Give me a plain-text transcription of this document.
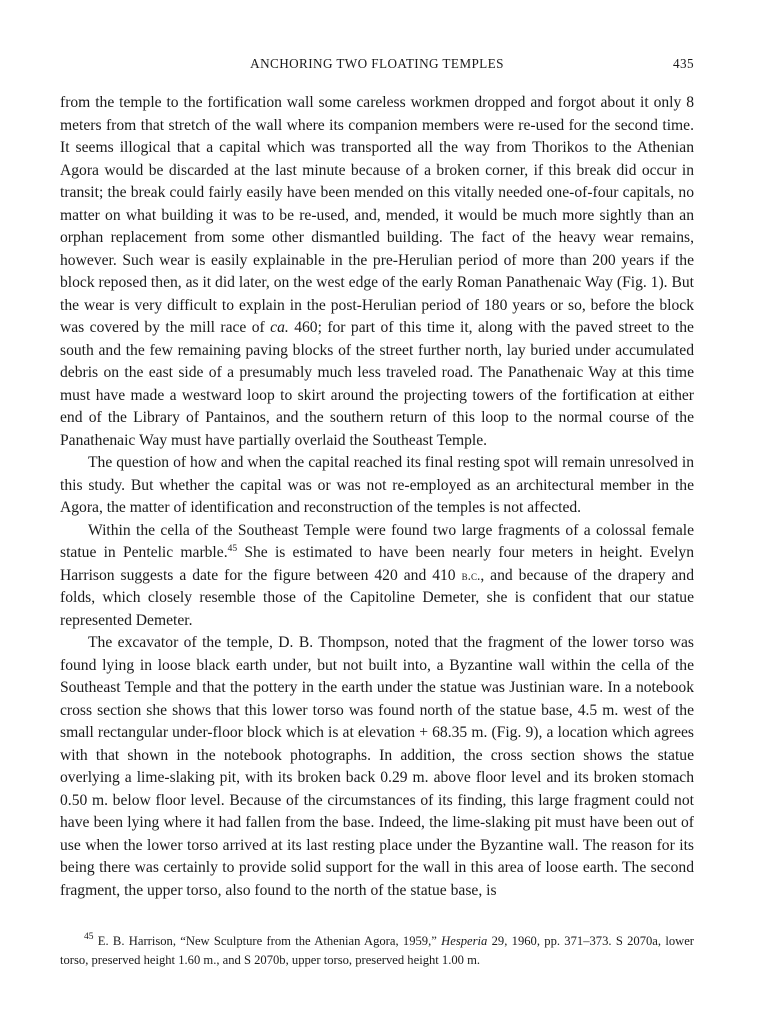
ANCHORING TWO FLOATING TEMPLES	435

from the temple to the fortification wall some careless workmen dropped and forgot about it only 8 meters from that stretch of the wall where its companion members were re-used for the second time. It seems illogical that a capital which was transported all the way from Thorikos to the Athenian Agora would be discarded at the last minute because of a broken corner, if this break did occur in transit; the break could fairly easily have been mended on this vitally needed one-of-four capitals, no matter on what building it was to be re-used, and, mended, it would be much more sightly than an orphan replacement from some other dismantled building. The fact of the heavy wear remains, however. Such wear is easily explainable in the pre-Herulian period of more than 200 years if the block reposed then, as it did later, on the west edge of the early Roman Panathenaic Way (Fig. 1). But the wear is very difficult to explain in the post-Herulian period of 180 years or so, before the block was covered by the mill race of ca. 460; for part of this time it, along with the paved street to the south and the few remaining paving blocks of the street further north, lay buried under accumulated debris on the east side of a presumably much less traveled road. The Panathenaic Way at this time must have made a westward loop to skirt around the projecting towers of the fortification at either end of the Library of Pantainos, and the southern return of this loop to the normal course of the Panathenaic Way must have partially overlaid the Southeast Temple.

The question of how and when the capital reached its final resting spot will remain unresolved in this study. But whether the capital was or was not re-employed as an architectural member in the Agora, the matter of identification and reconstruction of the temples is not affected.

Within the cella of the Southeast Temple were found two large fragments of a colossal female statue in Pentelic marble.$^{45}$ She is estimated to have been nearly four meters in height. Evelyn Harrison suggests a date for the figure between 420 and 410 b.c., and because of the drapery and folds, which closely resemble those of the Capitoline Demeter, she is confident that our statue represented Demeter.

The excavator of the temple, D. B. Thompson, noted that the fragment of the lower torso was found lying in loose black earth under, but not built into, a Byzantine wall within the cella of the Southeast Temple and that the pottery in the earth under the statue was Justinian ware. In a notebook cross section she shows that this lower torso was found north of the statue base, 4.5 m. west of the small rectangular under-floor block which is at elevation + 68.35 m. (Fig. 9), a location which agrees with that shown in the notebook photographs. In addition, the cross section shows the statue overlying a lime-slaking pit, with its broken back 0.29 m. above floor level and its broken stomach 0.50 m. below floor level. Because of the circumstances of its finding, this large fragment could not have been lying where it had fallen from the base. Indeed, the lime-slaking pit must have been out of use when the lower torso arrived at its last resting place under the Byzantine wall. The reason for its being there was certainly to provide solid support for the wall in this area of loose earth. The second fragment, the upper torso, also found to the north of the statue base, is

$^{45}$ E. B. Harrison, “New Sculpture from the Athenian Agora, 1959,” Hesperia 29, 1960, pp. 371–373. S 2070a, lower torso, preserved height 1.60 m., and S 2070b, upper torso, preserved height 1.00 m.
